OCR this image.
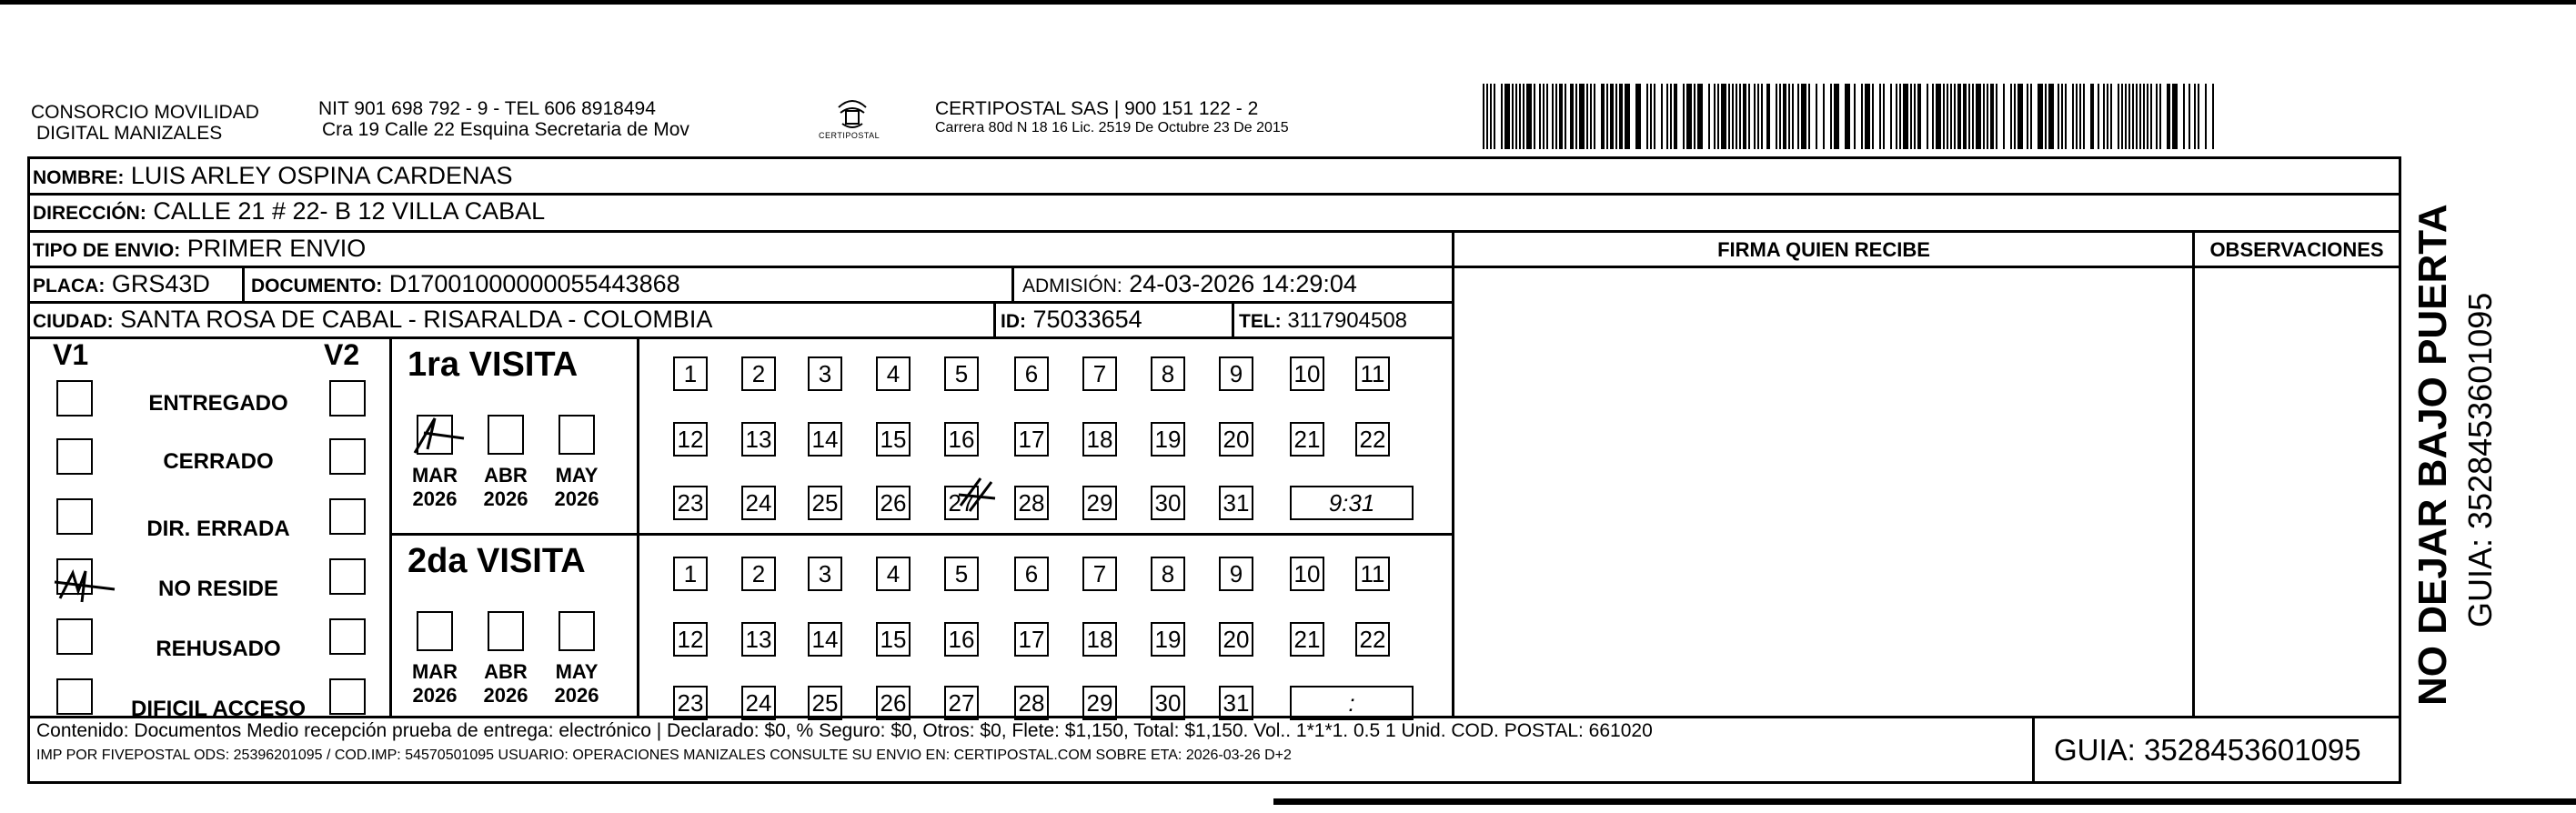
CONSORCIO MOVILIDAD
DIGITAL MANIZALES
NIT 901 698 792 - 9 - TEL 606 8918494
Cra 19 Calle 22 Esquina Secretaria de Mov	CERTIPOSTAL
CERTIPOSTAL SAS | 900 151 122 - 2
Carrera 80d N 18 16 Lic. 2519 De Octubre 23 De 2015
NOMBRE: LUIS ARLEY OSPINA CARDENAS
DIRECCIÓN: CALLE 21 # 22- B 12 VILLA CABAL
TIPO DE ENVIO: PRIMER ENVIO
PLACA: GRS43D DOCUMENTO: D17001000000055443868	ADMISIÓN: 24-03-2026 14:29:04
CIUDAD: SANTA ROSA DE CABAL - RISARALDA - COLOMBIA	ID: 75033654	TEL: 3117904508
FIRMA QUIEN RECIBE	OBSERVACIONES
V1	V2
ENTREGADO
CERRADO
DIR. ERRADA
NO RESIDE
REHUSADO
DIFICIL ACCESO
1ra VISITA
2da VISITA
1	2	3	4	5	6	7	8	9	10 11
12 13 14 15 16 17 18 19 20 21 22
23 24 25 26 27 28 29 30 31	9:31
1	2	3	4	5	6	7	8	9	10 11
12 13 14 15 16 17 18 19 20 21 22
23 24 25 26 27 28 29 30 31	:
MAR
2026
ABR
2026
MAY
2026
MAR
2026
ABR
2026
MAY
2026
Contenido: Documentos Medio recepción prueba de entrega: electrónico | Declarado: $0, % Seguro: $0, Otros: $0, Flete: $1,150, Total: $1,150. Vol.. 1*1*1. 0.5 1 Unid. COD. POSTAL: 661020
IMP POR FIVEPOSTAL ODS: 25396201095 / COD.IMP: 54570501095 USUARIO: OPERACIONES MANIZALES CONSULTE SU ENVIO EN: CERTIPOSTAL.COM SOBRE ETA: 2026-03-26 D+2	GUIA: 3528453601095
NO DEJAR BAJO PUERTA GUIA: 3528453601095
